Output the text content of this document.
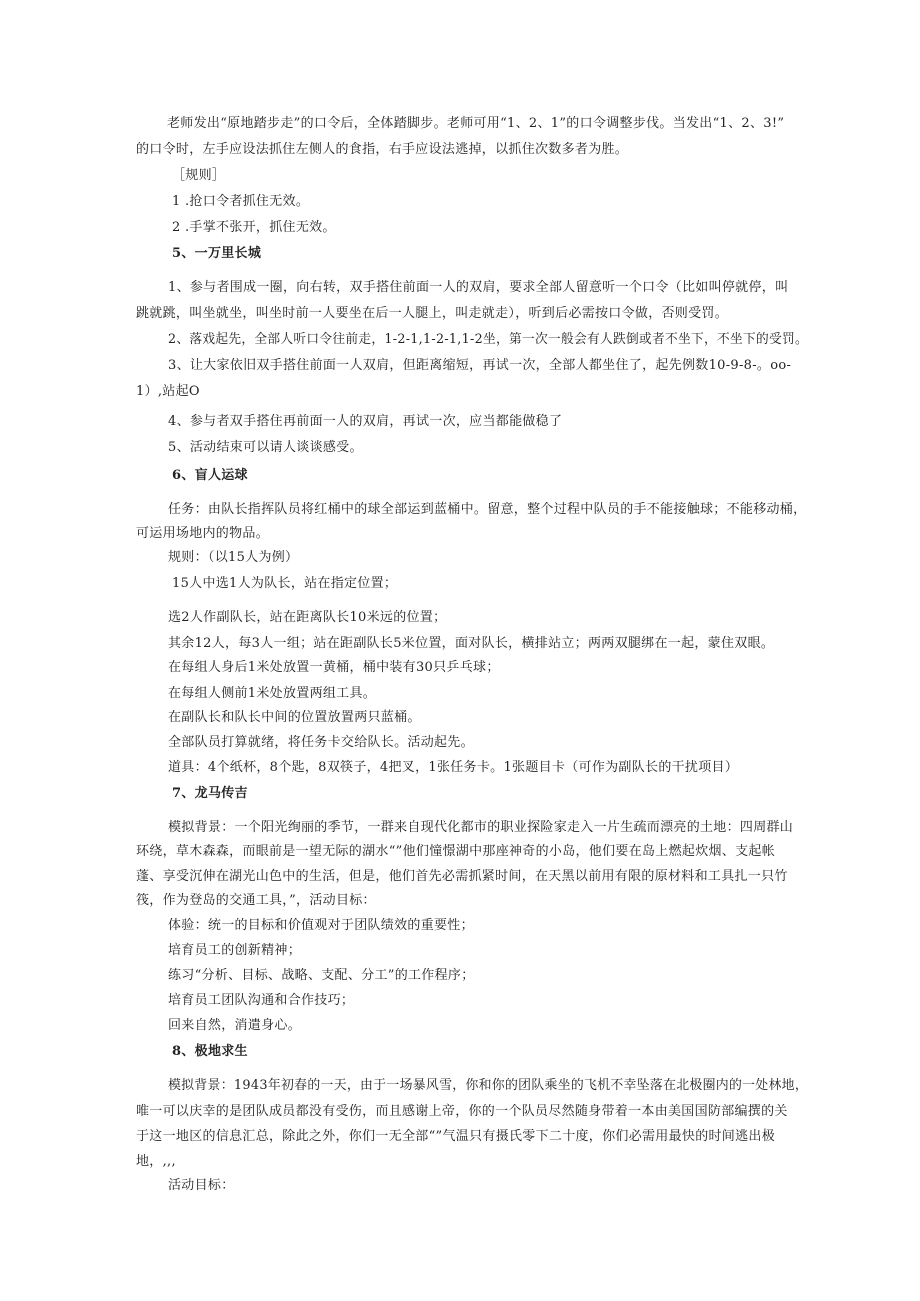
老师发出“原地踏步走”的口令后，全体踏脚步。老师可用“1、2、1”的口令调整步伐。当发出“1、2、3!”
的口令时，左手应设法抓住左侧人的食指，右手应设法逃掉，以抓住次数多者为胜。
［规则］
1 .抢口令者抓住无效。
2 .手掌不张开，抓住无效。
5、一万里长城
1、参与者围成一圈，向右转，双手搭住前面一人的双肩，要求全部人留意听一个口令（比如叫停就停，叫
跳就跳，叫坐就坐，叫坐时前一人要坐在后一人腿上，叫走就走），听到后必需按口令做，否则受罚。
2、落戏起先，全部人听口令往前走，1-2-1,1-2-1,1-2坐，第一次一般会有人跌倒或者不坐下，不坐下的受罚。
3、让大家依旧双手搭住前面一人双肩，但距离缩短，再试一次，全部人都坐住了，起先例数10-9-8-。oo-
1）,站起O
4、参与者双手搭住再前面一人的双肩，再试一次，应当都能做稳了
5、活动结束可以请人谈谈感受。
6、盲人运球
任务：由队长指挥队员将红桶中的球全部运到蓝桶中。留意，整个过程中队员的手不能接触球；不能移动桶，
可运用场地内的物品。
规则：（以15人为例）
15人中选1人为队长，站在指定位置；
选2人作副队长，站在距离队长10米远的位置；
其余12人，每3人一组；站在距副队长5米位置，面对队长，横排站立；两两双腿绑在一起，蒙住双眼。
在每组人身后1米处放置一黄桶，桶中装有30只乒乓球；
在每组人侧前1米处放置两组工具。
在副队长和队长中间的位置放置两只蓝桶。
全部队员打算就绪，将任务卡交给队长。活动起先。
道具：4个纸杯，8个匙，8双筷子，4把叉，1张任务卡。1张题目卡（可作为副队长的干扰项目）
7、龙马传吉
模拟背景：一个阳光绚丽的季节，一群来自现代化都市的职业探险家走入一片生疏而漂亮的土地：四周群山
环绕，草木森森，而眼前是一望无际的湖水“”他们憧憬湖中那座神奇的小岛，他们要在岛上燃起炊烟、支起帐
蓬、享受沉伸在湖光山色中的生活，但是，他们首先必需抓紧时间，在天黑以前用有限的原材料和工具扎一只竹
筏，作为登岛的交通工具，”，活动目标：
体验：统一的目标和价值观对于团队绩效的重要性；
培育员工的创新精神；
练习“分析、目标、战略、支配、分工”的工作程序；
培育员工团队沟通和合作技巧；
回来自然，消遣身心。
8、极地求生
模拟背景：1943年初春的一天，由于一场暴风雪，你和你的团队乘坐的飞机不幸坠落在北极圈内的一处林地，
唯一可以庆幸的是团队成员都没有受伤，而且感谢上帝，你的一个队员尽然随身带着一本由美国国防部编撰的关
于这一地区的信息汇总，除此之外，你们一无全部“”气温只有摄氏零下二十度，你们必需用最快的时间逃出极
地，,,,
活动目标：
